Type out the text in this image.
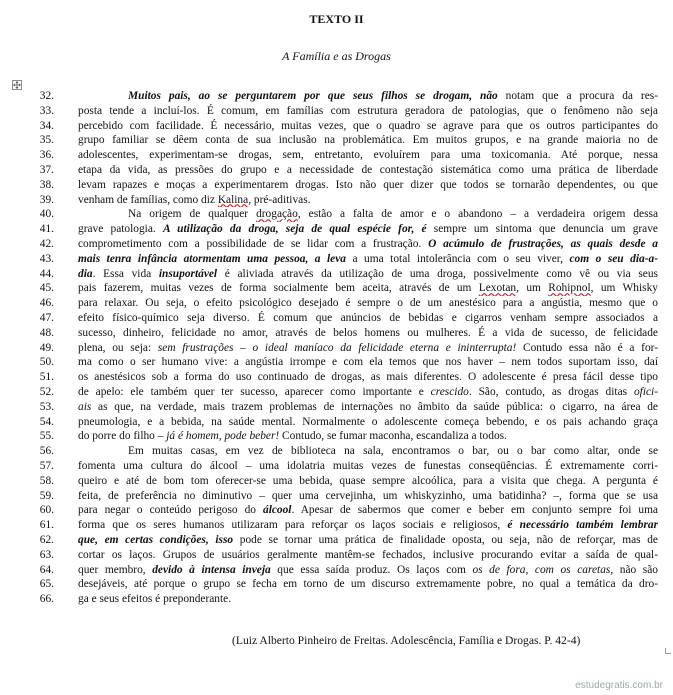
TEXTO II
A Família e as Drogas
32.	Muitos pais, ao se perguntarem por que seus filhos se drogam, não notam que a procura da res-
33. posta tende a incluí-los. É comum, em famílias com estrutura geradora de patologias, que o fenômeno não seja
34. percebido com facilidade. É necessário, muitas vezes, que o quadro se agrave para que os outros participantes do
35. grupo familiar se dêem conta de sua inclusão na problemática. Em muitos grupos, e na grande maioria no de
36. adolescentes, experimentam-se drogas, sem, entretanto, evoluírem para uma toxicomania. Até porque, nessa
37. etapa da vida, as pressões do grupo e a necessidade de contestação sistemática como uma prática de liberdade
38. levam rapazes e moças a experimentarem drogas. Isto não quer dizer que todos se tornarão dependentes, ou que
39. venham de famílias, como diz Kalina, pré-aditivas.
40.	Na origem de qualquer drogação, estão a falta de amor e o abandono – a verdadeira origem dessa
41. grave patologia. A utilização da droga, seja de qual espécie for, é sempre um sintoma que denuncia um grave
42. comprometimento com a possibilidade de se lidar com a frustração. O acúmulo de frustrações, as quais desde a
43. mais tenra infância atormentam uma pessoa, a leva a uma total intolerância com o seu viver, com o seu dia-a-
44. dia. Essa vida insuportável é aliviada através da utilização de uma droga, possivelmente como vê ou via seus
45. pais fazerem, muitas vezes de forma socialmente bem aceita, através de um Lexotan, um Rohipnol, um Whisky
46. para relaxar. Ou seja, o efeito psicológico desejado é sempre o de um anestésico para a angústia, mesmo que o
47. efeito físico-químico seja diverso. É comum que anúncios de bebidas e cigarros venham sempre associados a
48. sucesso, dinheiro, felicidade no amor, através de belos homens ou mulheres. É a vida de sucesso, de felicidade
49. plena, ou seja: sem frustrações – o ideal maníaco da felicidade eterna e ininterrupta! Contudo essa não é a for-
50. ma como o ser humano vive: a angústia irrompe e com ela temos que nos haver – nem todos suportam isso, daí
51. os anestésicos sob a forma do uso continuado de drogas, as mais diferentes. O adolescente é presa fácil desse tipo
52. de apelo: ele também quer ter sucesso, aparecer como importante e crescido. São, contudo, as drogas ditas ofici-
53. ais as que, na verdade, mais trazem problemas de internações no âmbito da saúde pública: o cigarro, na área de
54. pneumologia, e a bebida, na saúde mental. Normalmente o adolescente começa bebendo, e os pais achando graça
55. do porre do filho – já é homem, pode beber! Contudo, se fumar maconha, escandaliza a todos.
56.	Em muitas casas, em vez de biblioteca na sala, encontramos o bar, ou o bar como altar, onde se
57. fomenta uma cultura do álcool – uma idolatria muitas vezes de funestas conseqüências. É extremamente corri-
58. queiro e até de bom tom oferecer-se uma bebida, quase sempre alcoólica, para a visita que chega. A pergunta é
59. feita, de preferência no diminutivo – quer uma cervejinha, um whiskyzinho, uma batidinha? –, forma que se usa
60. para negar o conteúdo perigoso do álcool. Apesar de sabermos que comer e beber em conjunto sempre foi uma
61. forma que os seres humanos utilizaram para reforçar os laços sociais e religiosos, é necessário também lembrar
62. que, em certas condições, isso pode se tornar uma prática de finalidade oposta, ou seja, não de reforçar, mas de
63. cortar os laços. Grupos de usuários geralmente mantêm-se fechados, inclusive procurando evitar a saída de qual-
64. quer membro, devido à intensa inveja que essa saída produz. Os laços com os de fora, com os caretas, não são
65. desejáveis, até porque o grupo se fecha em torno de um discurso extremamente pobre, no qual a temática da dro-
66. ga e seus efeitos é preponderante.
(Luiz Alberto Pinheiro de Freitas. Adolescência, Família e Drogas. P. 42-4)
estudegratis.com.br
